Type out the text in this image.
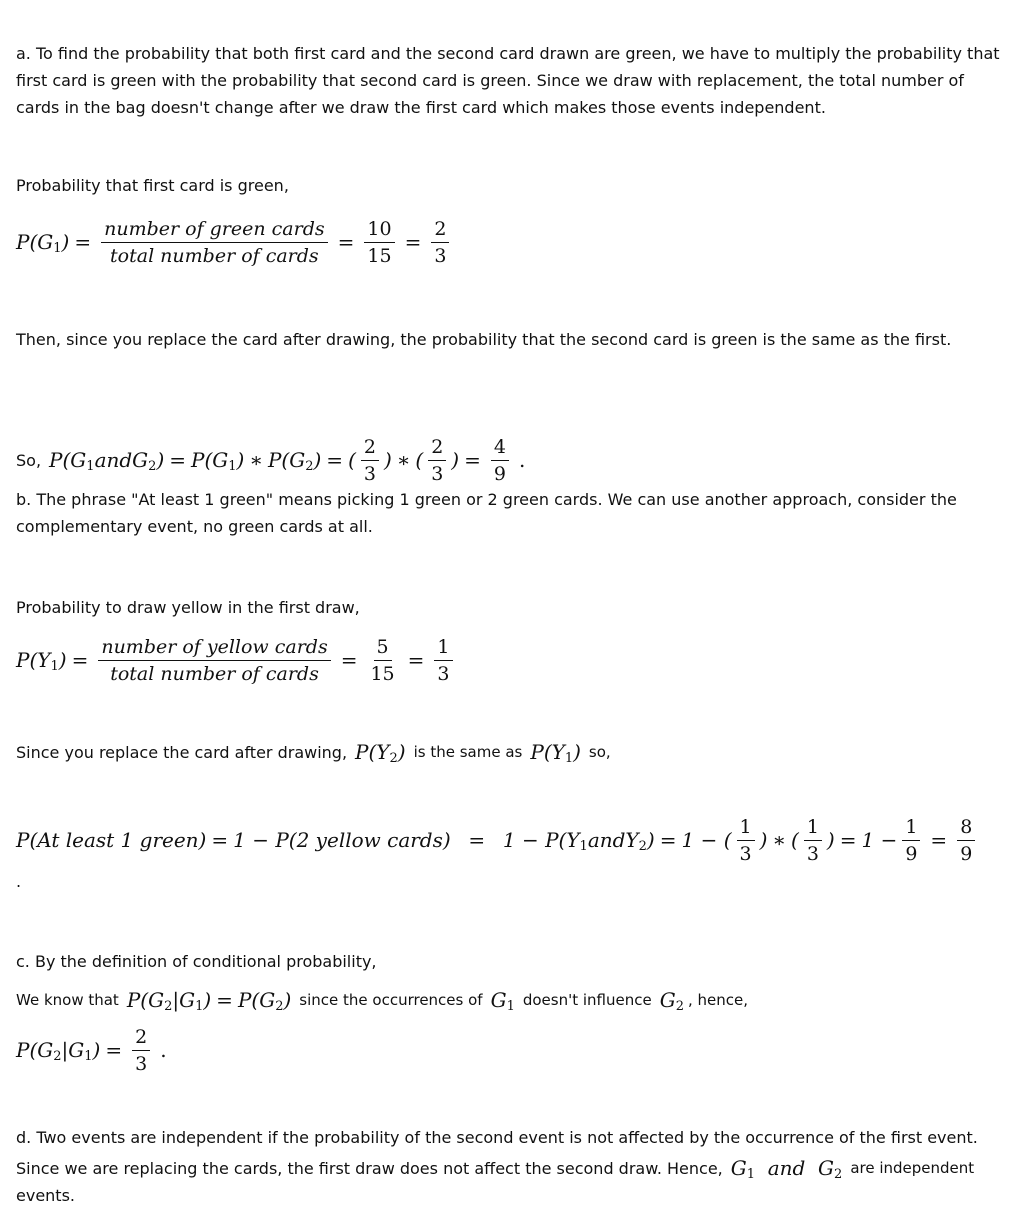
a. To find the probability that both first card and the second card drawn are green, we have to multiply the probability that first card is green with the probability that second card is green. Since we draw with replacement, the total number of cards in the bag doesn't change after we draw the first card which makes those events independent.
Probability that first card is green,
P(G 1 ) = $\frac{\text{number of green cards}}{\text{total number of cards}} = \frac{10}{15} = \frac{2}{3}$
Then, since you replace the card after drawing, the probability that the second card is green is the same as the first.
So, P(G 1 andG 2 ) = P(G 1 ) ∗ P(G 2 ) = ( $\frac{2}{3}$ ) ∗ ( $\frac{2}{3}$ ) = $\frac{4}{9}$ .
b. The phrase "At least 1 green" means picking 1 green or 2 green cards. We can use another approach, consider the complementary event, no green cards at all.
Probability to draw yellow in the first draw,
P(Y 1 ) = $\frac{\text{number of yellow cards}}{\text{total number of cards}} = \frac{5}{15} = \frac{1}{3}$
Since you replace the card after drawing, P(Y 2 ) is the same as P(Y 1 ) so,
P(At least 1 green) = 1 − P(2 yellow cards) = 1 − P(Y 1 andY 2 ) = 1 − ( $\frac{1}{3}$ ) ∗ ( $\frac{1}{3}$ ) = $1 - \frac{1}{9} = \frac{8}{9}$
.
c. By the definition of conditional probability,
We know that P(G 2 |G 1 ) = P(G 2 ) since the occurrences of G 1 doesn't influence G 2 , hence,
P(G 2 |G 1 ) = $\frac{2}{3}$ .
d. Two events are independent if the probability of the second event is not affected by the occurrence of the first event.
Since we are replacing the cards, the first draw does not affect the second draw. Hence, G 1 and  G 2 are independent
events.
